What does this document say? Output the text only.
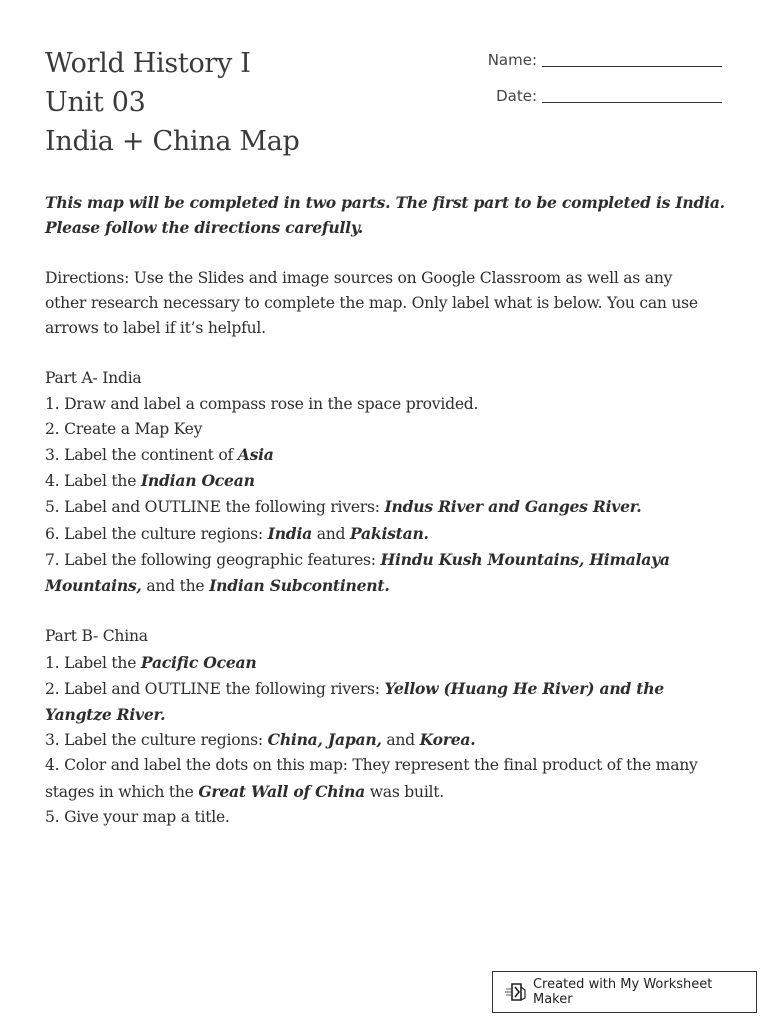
World History I
Unit 03
India + China Map
Name:
Date:

This map will be completed in two parts. The first part to be completed is India.

Please follow the directions carefully.

Directions: Use the Slides and image sources on Google Classroom as well as any

other research necessary to complete the map. Only label what is below. You can use

arrows to label if it’s helpful.

Part A- India

1. Draw and label a compass rose in the space provided.

2. Create a Map Key

3. Label the continent of Asia

4. Label the Indian Ocean

5. Label and OUTLINE the following rivers: Indus River and Ganges River.

6. Label the culture regions: India and Pakistan.

7. Label the following geographic features: Hindu Kush Mountains, Himalaya

Mountains, and the Indian Subcontinent.

Part B- China

1. Label the Pacific Ocean

2. Label and OUTLINE the following rivers: Yellow (Huang He River) and the

Yangtze River.

3. Label the culture regions: China, Japan, and Korea.

4. Color and label the dots on this map: They represent the final product of the many

stages in which the Great Wall of China was built.

5. Give your map a title.

Created with My Worksheet Maker
